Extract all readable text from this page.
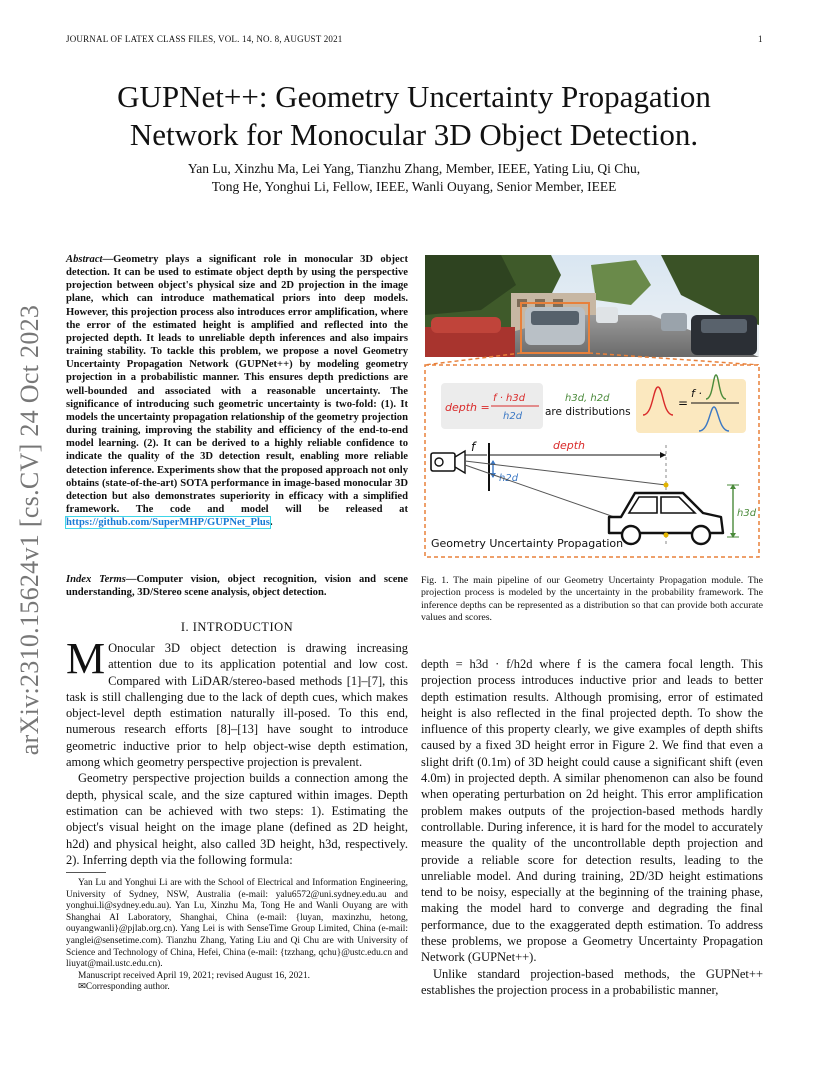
JOURNAL OF LATEX CLASS FILES, VOL. 14, NO. 8, AUGUST 2021	1
arXiv:2310.15624v1 [cs.CV] 24 Oct 2023
GUPNet++: Geometry Uncertainty Propagation
Network for Monocular 3D Object Detection.
Yan Lu, Xinzhu Ma, Lei Yang, Tianzhu Zhang, Member, IEEE, Yating Liu, Qi Chu,
Tong He, Yonghui Li, Fellow, IEEE, Wanli Ouyang, Senior Member, IEEE
Abstract—Geometry plays a significant role in monocular 3D object detection. It can be used to estimate object depth by using the perspective projection between object's physical size and 2D projection in the image plane, which can introduce mathematical priors into deep models. However, this projection process also introduces error amplification, where the error of the estimated height is amplified and reflected into the projected depth. It leads to unreliable depth inferences and also impairs training stability. To tackle this problem, we propose a novel Geometry Uncertainty Propagation Network (GUPNet++) by modeling geometry projection in a probabilistic manner. This ensures depth predictions are well-bounded and associated with a reasonable uncertainty. The significance of introducing such geometric uncertainty is two-fold: (1). It models the uncertainty propagation relationship of the geometry projection during training, improving the stability and efficiency of the end-to-end model learning. (2). It can be derived to a highly reliable confidence to indicate the quality of the 3D detection result, enabling more reliable detection inference. Experiments show that the proposed approach not only obtains (state-of-the-art) SOTA performance in image-based monocular 3D detection but also demonstrates superiority in efficacy with a simplified framework. The code and model will be released at https://github.com/SuperMHP/GUPNet_Plus.
Index Terms—Computer vision, object recognition, vision and scene understanding, 3D/Stereo scene analysis, object detection.
I. INTRODUCTION
M Onocular 3D object detection is drawing increasing attention due to its application potential and low cost. Compared with LiDAR/stereo-based methods [1]–[7], this task is still challenging due to the lack of depth cues, which makes object-level depth estimation naturally ill-posed. To this end, numerous research efforts [8]–[13] have sought to introduce geometric inductive prior to help object-wise depth estimation, among which geometry perspective projection is prevalent.
Geometry perspective projection builds a connection among the depth, physical scale, and the size captured within images. Depth estimation can be achieved with two steps: 1). Estimating the object's visual height on the image plane (defined as 2D height, h2d) and physical height, also called 3D height, h3d, respectively. 2). Inferring depth via the following formula:
Yan Lu and Yonghui Li are with the School of Electrical and Information Engineering, University of Sydney, NSW, Australia (e-mail: yalu6572@uni.sydney.edu.au and yonghui.li@sydney.edu.au). Yan Lu, Xinzhu Ma, Tong He and Wanli Ouyang are with Shanghai AI Laboratory, Shanghai, China (e-mail: {luyan, maxinzhu, hetong, ouyangwanli}@pjlab.org.cn). Yang Lei is with SenseTime Group Limited, China (e-mail: yanglei@sensetime.com). Tianzhu Zhang, Yating Liu and Qi Chu are with University of Science and Technology of China, Hefei, China (e-mail: {tzzhang, qchu}@ustc.edu.cn and liuyat@mail.ustc.edu.cn).
Manuscript received April 19, 2021; revised August 16, 2021.
✉Corresponding author.
depth =
f · h3d
h2d
h3d, h2d
are distributions
=
f ·
f	depth
h2d
h3d
Geometry Uncertainty Propagation
Fig. 1. The main pipeline of our Geometry Uncertainty Propagation module. The projection process is modeled by the uncertainty in the probability framework. The inference depths can be represented as a distribution so that can provide both accurate values and scores.
depth = h3d · f/h2d where f is the camera focal length. This projection process introduces inductive prior and leads to better depth estimation results. Although promising, error of estimated height is also reflected in the final projected depth. To show the influence of this property clearly, we give examples of depth shifts caused by a fixed 3D height error in Figure 2. We find that even a slight drift (0.1m) of 3D height could cause a significant shift (even 4.0m) in projected depth. A similar phenomenon can also be found when operating perturbation on 2d height. This error amplification problem makes outputs of the projection-based methods hardly controllable. During inference, it is hard for the model to accurately measure the quality of the uncontrollable depth projection and provide a reliable score for detection results, leading to the unreliable model. And during training, 2D/3D height estimations tend to be noisy, especially at the beginning of the training phase, making the model hard to converge and degrading the final performance, due to the exaggerated depth estimation. To address these problems, we propose a Geometry Uncertainty Propagation Network (GUPNet++).
Unlike standard projection-based methods, the GUPNet++ establishes the projection process in a probabilistic manner,
